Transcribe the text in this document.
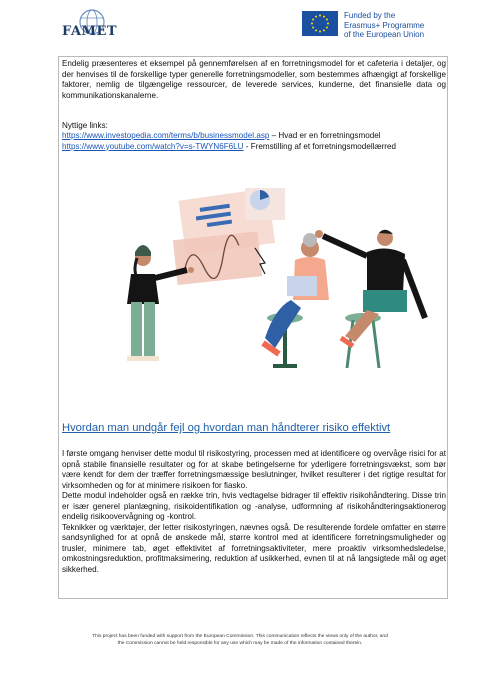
FAMET
Funded by the
Erasmus+ Programme
of the European Union
Endelig præsenteres et eksempel på gennemførelsen af en forretningsmodel for et cafeteria i detaljer, og der henvises til de forskellige typer generelle forretningsmodeller, som bestemmes afhængigt af forskellige faktorer, nemlig de tilgængelige ressourcer, de leverede services, kunderne, det finansielle data og kommunikationskanalerne.
Nyttige links:
https://www.investopedia.com/terms/b/businessmodel.asp – Hvad er en forretningsmodel
https://www.youtube.com/watch?v=s-TWYN6F6LU - Fremstilling af et forretningsmodellærred
Hvordan man undgår fejl og hvordan man håndterer risiko effektivt
I første omgang henviser dette modul til risikostyring, processen med at identificere og overvåge risici for at opnå stabile finansielle resultater og for at skabe betingelserne for yderligere forretningsvækst, som bør være kendt for dem der træffer forretningsmæssige beslutninger, hvilket resulterer i det rigtige resultat for virksomheden og for at minimere risikoen for fiasko.
Dette modul indeholder også en række trin, hvis vedtagelse bidrager til effektiv risikohåndtering. Disse trin er især generel planlægning, risikoidentifikation og -analyse, udformning af risikohåndteringsaktionerog endelig risikoovervågning og -kontrol.
Teknikker og værktøjer, der letter risikostyringen, nævnes også. De resulterende fordele omfatter en større sandsynlighed for at opnå de ønskede mål, større kontrol med at identificere forretningsmuligheder og trusler, minimere tab, øget effektivitet af forretningsaktiviteter, mere proaktiv virksomhedsledelse, omkostningsreduktion, profitmaksimering, reduktion af usikkerhed, evnen til at nå langsigtede mål og øget sikkerhed.
This project has been funded with support from the European Commission. This communication reflects the views only of the author, and
the Commission cannot be held responsible for any use which may be made of the information contained therein.
